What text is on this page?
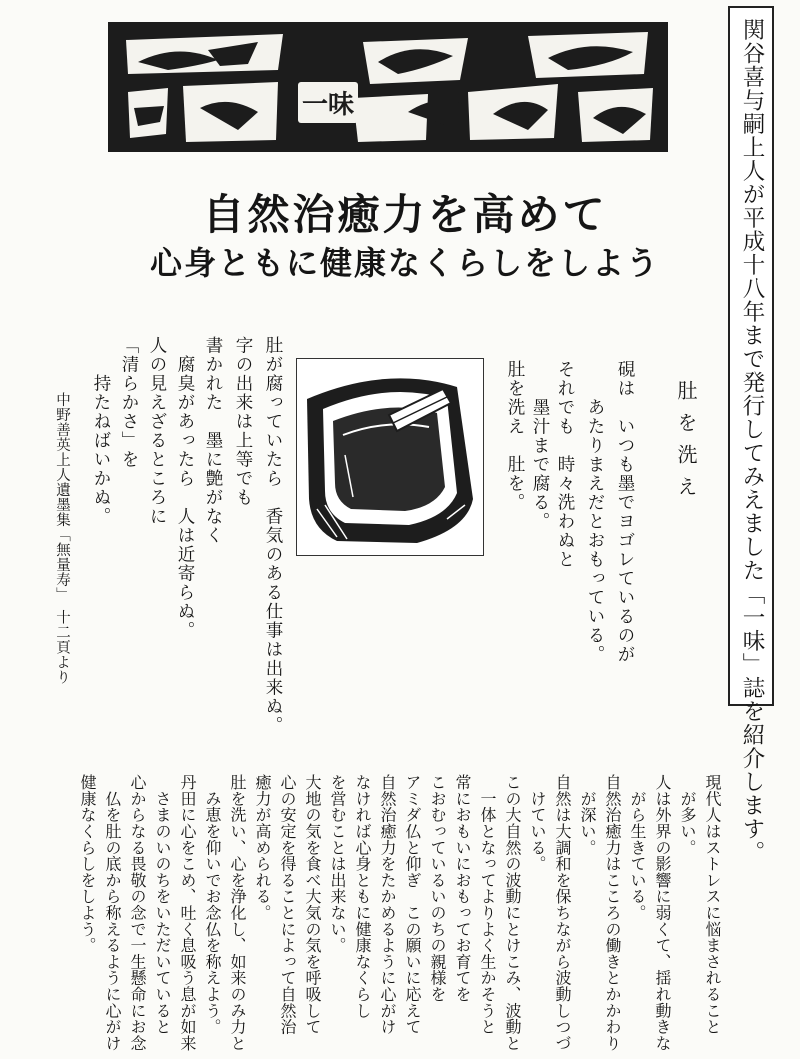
一味	関谷喜与嗣上人が平成十八年まで発行してみえました「一味」誌を紹介します。
自然治癒力を高めて
心身ともに健康なくらしをしよう
肚を洗え
硯は　いつも墨でヨゴレているのが
　　あたりまえだとおもっている。
それでも　時々洗わぬと
　　墨汁まで腐る。
肚を洗え　肚を。
肚が腐っていたら　香気のある仕事は出来ぬ。
字の出来は上等でも
書かれた　墨に艶がなく
　腐臭があったら　人は近寄らぬ。
人の見えざるところに
「清らかさ」を
　　持たねばいかぬ。
中野善英上人遺墨集「無量寿」　十二頁より
現代人はストレスに悩まされること
　が多い。
人は外界の影響に弱くて、揺れ動きな
　がら生きている。
自然治癒力はこころの働きとかかわり
　が深い。
自然は大調和を保ちながら波動しつづ
　けている。
この大自然の波動にとけこみ、波動と
　一体となってよりよく生かそうと
常におもいにおもってお育てを
こおむっているいのちの親様を
アミダ仏と仰ぎ　この願いに応えて
自然治癒力をたかめるように心がけ
なければ心身ともに健康なくらし
を営むことは出来ない。
大地の気を食べ大気の気を呼吸して
心の安定を得ることによって自然治
癒力が高められる。
肚を洗い、心を浄化し、如来のみ力と
　み恵を仰いでお念仏を称えよう。
丹田に心をこめ、吐く息吸う息が如来
　さまのいのちをいただいていると
心からなる畏敬の念で一生懸命にお念
　仏を肚の底から称えるように心がけ
健康なくらしをしよう。
